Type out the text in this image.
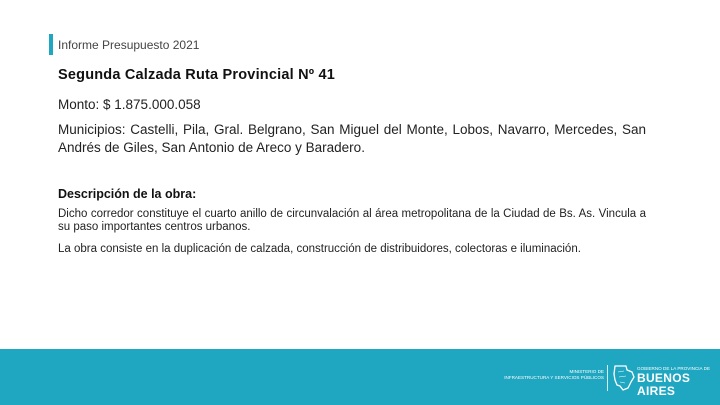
Informe Presupuesto 2021
Segunda Calzada Ruta Provincial Nº 41
Monto: $ 1.875.000.058
Municipios: Castelli, Pila, Gral. Belgrano, San Miguel del Monte, Lobos, Navarro, Mercedes, San Andrés de Giles, San Antonio de Areco y Baradero.
Descripción de la obra:
Dicho corredor constituye el cuarto anillo de circunvalación al área metropolitana de la Ciudad de Bs. As. Vincula a su paso importantes centros urbanos.
La obra consiste en la duplicación de calzada, construcción de distribuidores, colectoras e iluminación.
MINISTERIO DE
INFRAESTRUCTURA Y SERVICIOS PÚBLICOS
GOBIERNO DE LA PROVINCIA DE
BUENOS AIRES
